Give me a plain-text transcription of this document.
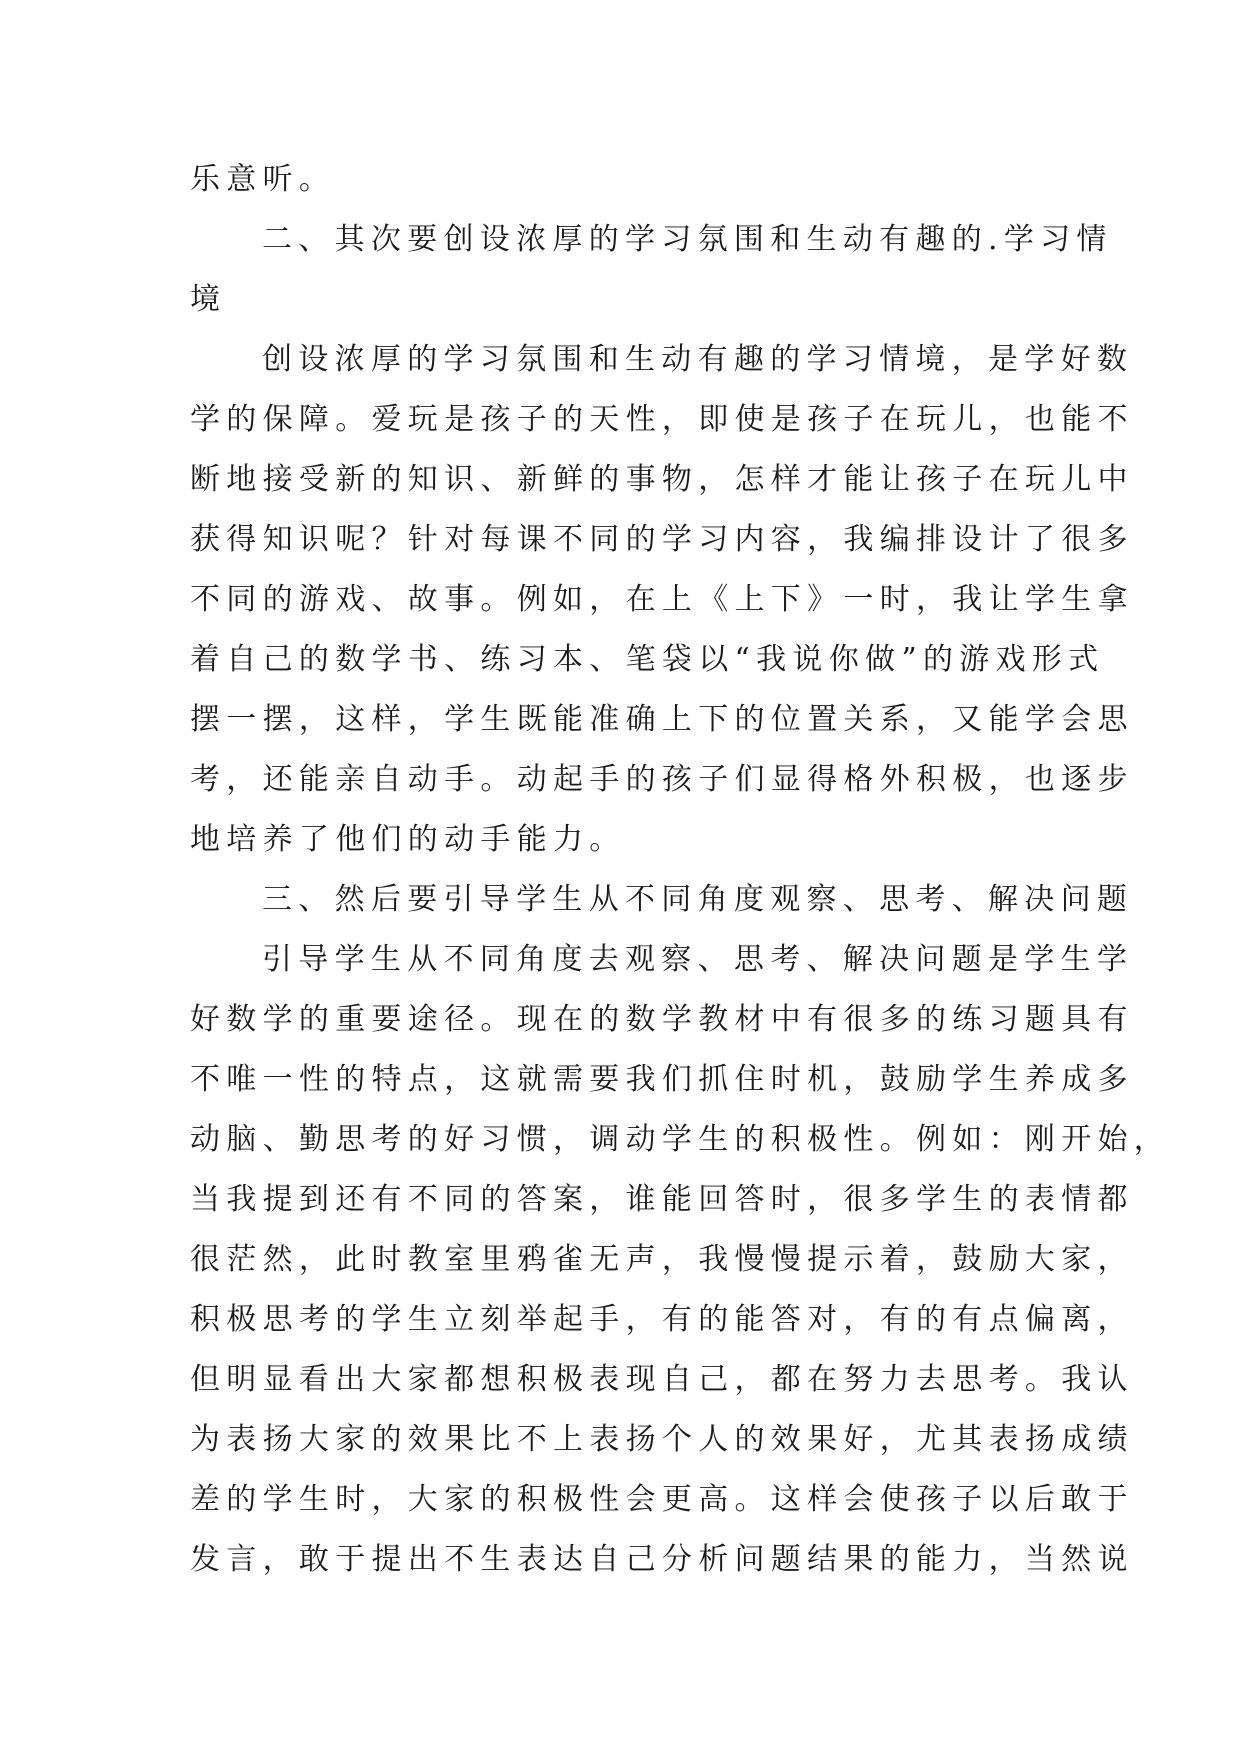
乐意听。
二、其次要创设浓厚的学习氛围和生动有趣的.学习情
境
创设浓厚的学习氛围和生动有趣的学习情境，是学好数
学的保障。爱玩是孩子的天性，即使是孩子在玩儿，也能不
断地接受新的知识、新鲜的事物，怎样才能让孩子在玩儿中
获得知识呢？针对每课不同的学习内容，我编排设计了很多
不同的游戏、故事。例如，在上《上下》一时，我让学生拿
着自己的数学书、练习本、笔袋以“我说你做”的游戏形式
摆一摆，这样，学生既能准确上下的位置关系，又能学会思
考，还能亲自动手。动起手的孩子们显得格外积极，也逐步
地培养了他们的动手能力。
三、然后要引导学生从不同角度观察、思考、解决问题
引导学生从不同角度去观察、思考、解决问题是学生学
好数学的重要途径。现在的数学教材中有很多的练习题具有
不唯一性的特点，这就需要我们抓住时机，鼓励学生养成多
动脑、勤思考的好习惯，调动学生的积极性。例如：刚开始，
当我提到还有不同的答案，谁能回答时，很多学生的表情都
很茫然，此时教室里鸦雀无声，我慢慢提示着，鼓励大家，
积极思考的学生立刻举起手，有的能答对，有的有点偏离，
但明显看出大家都想积极表现自己，都在努力去思考。我认
为表扬大家的效果比不上表扬个人的效果好，尤其表扬成绩
差的学生时，大家的积极性会更高。这样会使孩子以后敢于
发言，敢于提出不生表达自己分析问题结果的能力，当然说
